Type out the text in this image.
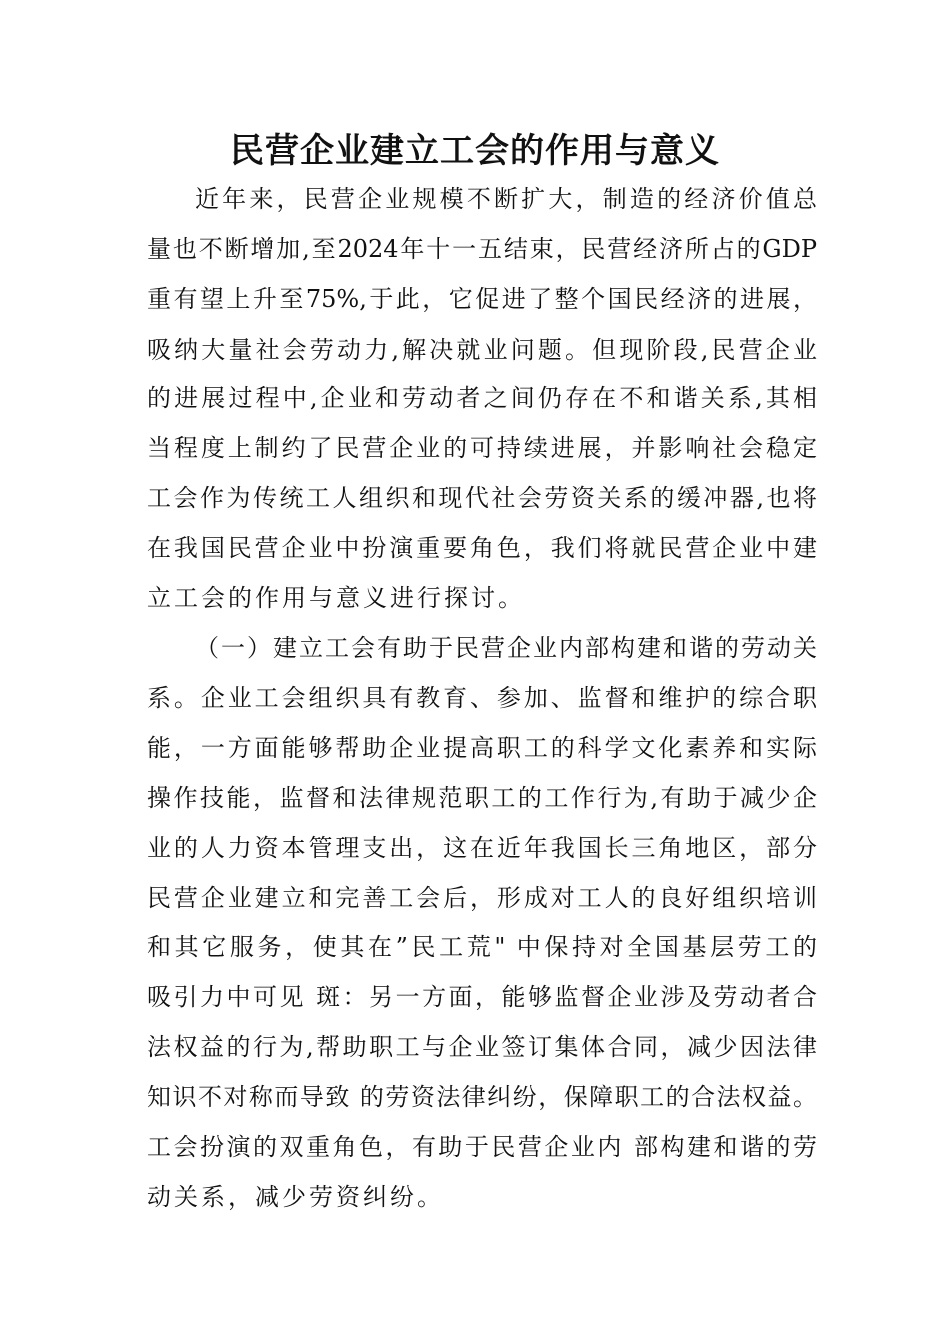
民营企业建立工会的作用与意义

近年来，民营企业规模不断扩大，制造的经济价值总

量也不断增加,至2024年十一五结束，民营经济所占的GDP

重有望上升至75%,于此，它促进了整个国民经济的进展，

吸纳大量社会劳动力,解决就业问题。但现阶段,民营企业

的进展过程中,企业和劳动者之间仍存在不和谐关系,其相

当程度上制约了民营企业的可持续进展，并影响社会稳定

工会作为传统工人组织和现代社会劳资关系的缓冲器,也将

在我国民营企业中扮演重要角色，我们将就民营企业中建

立工会的作用与意义进行探讨。

（一）建立工会有助于民营企业内部构建和谐的劳动关

系。企业工会组织具有教育、参加、监督和维护的综合职

能，一方面能够帮助企业提高职工的科学文化素养和实际

操作技能，监督和法律规范职工的工作行为,有助于减少企

业的人力资本管理支出，这在近年我国长三角地区，部分

民营企业建立和完善工会后，形成对工人的良好组织培训

和其它服务，使其在”民工荒" 中保持对全国基层劳工的

吸引力中可见 斑：另一方面，能够监督企业涉及劳动者合

法权益的行为,帮助职工与企业签订集体合同，减少因法律

知识不对称而导致 的劳资法律纠纷，保障职工的合法权益。

工会扮演的双重角色，有助于民营企业内 部构建和谐的劳

动关系，减少劳资纠纷。
